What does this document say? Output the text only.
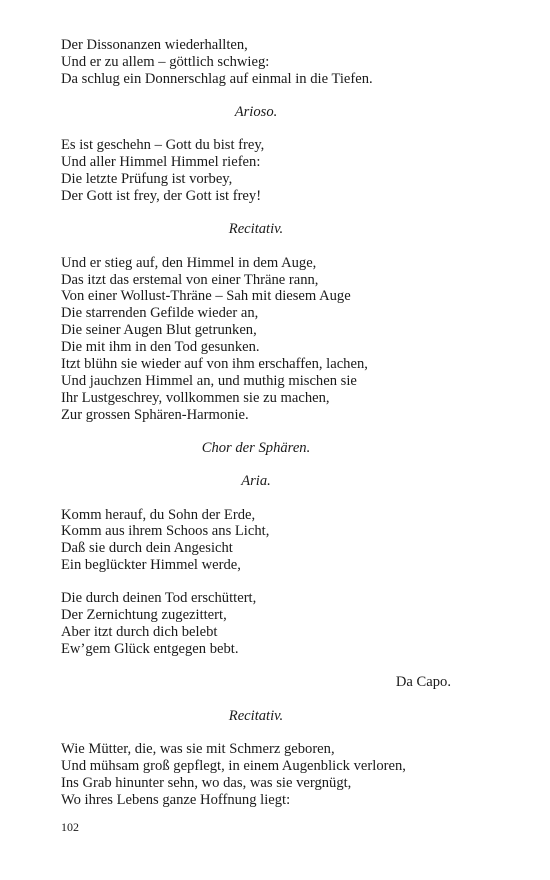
Der Dissonanzen wiederhallten,
Und er zu allem – göttlich schwieg:
Da schlug ein Donnerschlag auf einmal in die Tiefen.
Arioso.
Es ist geschehn – Gott du bist frey,
Und aller Himmel Himmel riefen:
Die letzte Prüfung ist vorbey,
Der Gott ist frey, der Gott ist frey!
Recitativ.
Und er stieg auf, den Himmel in dem Auge,
Das itzt das erstemal von einer Thräne rann,
Von einer Wollust-Thräne – Sah mit diesem Auge
Die starrenden Gefilde wieder an,
Die seiner Augen Blut getrunken,
Die mit ihm in den Tod gesunken.
Itzt blühn sie wieder auf von ihm erschaffen, lachen,
Und jauchzen Himmel an, und muthig mischen sie
Ihr Lustgeschrey, vollkommen sie zu machen,
Zur grossen Sphären-Harmonie.
Chor der Sphären.
Aria.
Komm herauf, du Sohn der Erde,
Komm aus ihrem Schoos ans Licht,
Daß sie durch dein Angesicht
Ein beglückter Himmel werde,
Die durch deinen Tod erschüttert,
Der Zernichtung zugezittert,
Aber itzt durch dich belebt
Ew’gem Glück entgegen bebt.
Da Capo.
Recitativ.
Wie Mütter, die, was sie mit Schmerz geboren,
Und mühsam groß gepflegt, in einem Augenblick verloren,
Ins Grab hinunter sehn, wo das, was sie vergnügt,
Wo ihres Lebens ganze Hoffnung liegt:
102
